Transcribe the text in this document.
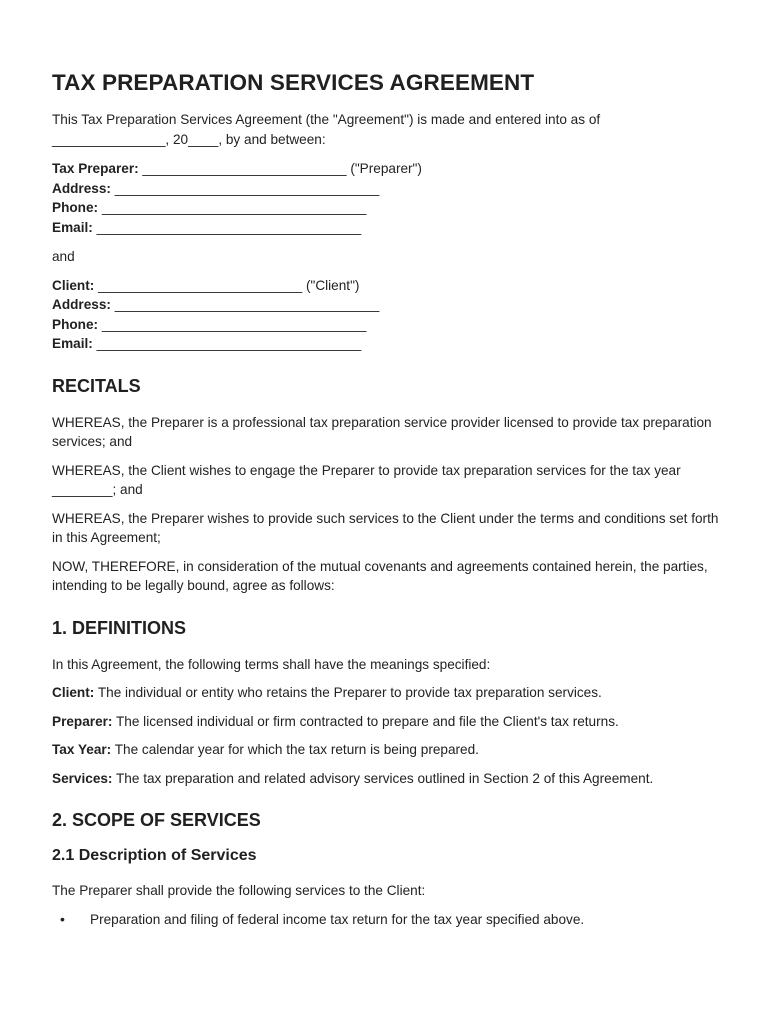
TAX PREPARATION SERVICES AGREEMENT

This Tax Preparation Services Agreement (the "Agreement") is made and entered into as of

_______________, 20____, by and between:

Tax Preparer: ___________________________ ("Preparer")

Address: ___________________________________

Phone: ___________________________________

Email: ___________________________________

and

Client: ___________________________ ("Client")

Address: ___________________________________

Phone: ___________________________________

Email: ___________________________________

RECITALS

WHEREAS, the Preparer is a professional tax preparation service provider licensed to provide tax preparation services; and

WHEREAS, the Client wishes to engage the Preparer to provide tax preparation services for the tax year ________; and

WHEREAS, the Preparer wishes to provide such services to the Client under the terms and conditions set forth in this Agreement;

NOW, THEREFORE, in consideration of the mutual covenants and agreements contained herein, the parties, intending to be legally bound, agree as follows:

1. DEFINITIONS

In this Agreement, the following terms shall have the meanings specified:

Client: The individual or entity who retains the Preparer to provide tax preparation services.

Preparer: The licensed individual or firm contracted to prepare and file the Client's tax returns.

Tax Year: The calendar year for which the tax return is being prepared.

Services: The tax preparation and related advisory services outlined in Section 2 of this Agreement.

2. SCOPE OF SERVICES
2.1 Description of Services

The Preparer shall provide the following services to the Client:

• Preparation and filing of federal income tax return for the tax year specified above.
